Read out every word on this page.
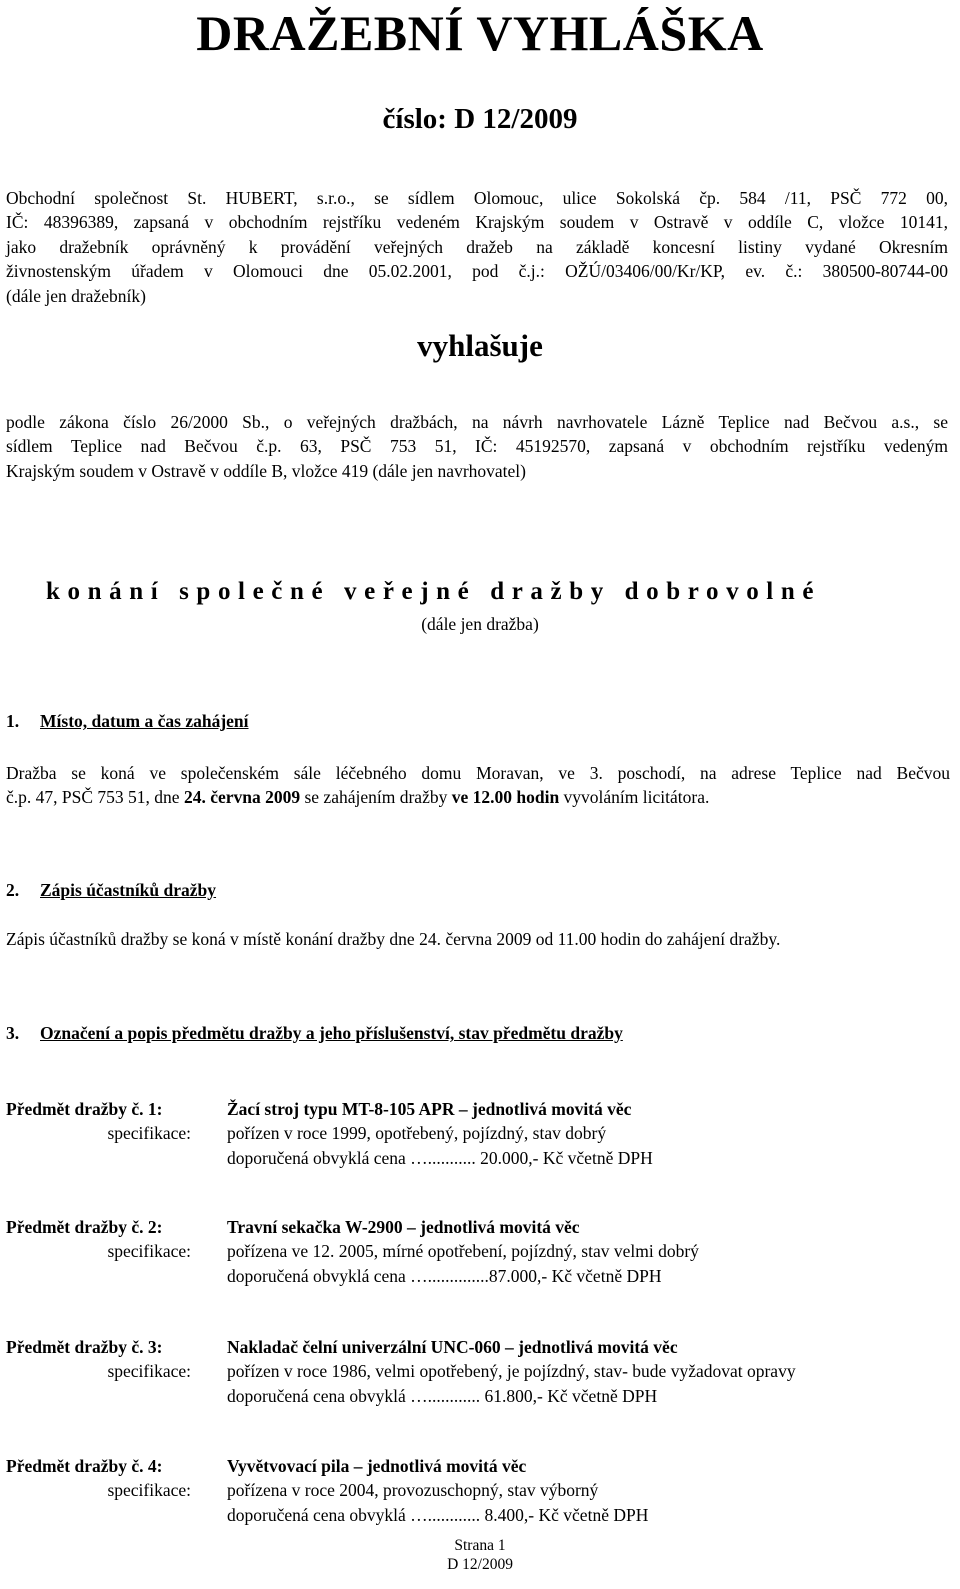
DRAŽEBNÍ VYHLÁŠKA
číslo: D 12/2009
Obchodní společnost St. HUBERT, s.r.o., se sídlem Olomouc, ulice Sokolská čp. 584 /11, PSČ 772 00,
IČ: 48396389, zapsaná v obchodním rejstříku vedeném Krajským soudem v Ostravě v oddíle C, vložce 10141,
jako dražebník oprávněný k provádění veřejných dražeb na základě koncesní listiny vydané Okresním
živnostenským úřadem v Olomouci dne 05.02.2001, pod č.j.: OŽÚ/03406/00/Kr/KP, ev. č.: 380500-80744-00
(dále jen dražebník)
vyhlašuje
podle zákona číslo 26/2000 Sb., o veřejných dražbách, na návrh navrhovatele Lázně Teplice nad Bečvou a.s., se
sídlem Teplice nad Bečvou č.p. 63, PSČ 753 51, IČ: 45192570, zapsaná v obchodním rejstříku vedeným
Krajským soudem v Ostravě v oddíle B, vložce 419 (dále jen navrhovatel)
konání společné veřejné dražby dobrovolné
(dále jen dražba)
1. Místo, datum a čas zahájení
Dražba se koná ve společenském sále léčebného domu Moravan, ve 3. poschodí, na adrese Teplice nad Bečvou
č.p. 47, PSČ 753 51, dne 24. června 2009 se zahájením dražby ve 12.00 hodin vyvoláním licitátora.
2. Zápis účastníků dražby
Zápis účastníků dražby se koná v místě konání dražby dne 24. června 2009 od 11.00 hodin do zahájení dražby.
3. Označení a popis předmětu dražby a jeho příslušenství, stav předmětu dražby
Předmět dražby č. 1:
specifikace:
Žací stroj typu MT-8-105 APR – jednotlivá movitá věc
pořízen v roce 1999, opotřebený, pojízdný, stav dobrý
doporučená obvyklá cena …........... 20.000,- Kč včetně DPH
Předmět dražby č. 2:
specifikace:
Travní sekačka W-2900 – jednotlivá movitá věc
pořízena ve 12. 2005, mírné opotřebení, pojízdný, stav velmi dobrý
doporučená obvyklá cena …..............87.000,- Kč včetně DPH
Předmět dražby č. 3:
specifikace:
Nakladač čelní univerzální UNC-060 – jednotlivá movitá věc
pořízen v roce 1986, velmi opotřebený, je pojízdný, stav- bude vyžadovat opravy
doporučená cena obvyklá …............ 61.800,- Kč včetně DPH
Předmět dražby č. 4:
specifikace:
Vyvětvovací pila – jednotlivá movitá věc
pořízena v roce 2004, provozuschopný, stav výborný
doporučená cena obvyklá …............ 8.400,- Kč včetně DPH
Strana 1
D 12/2009
